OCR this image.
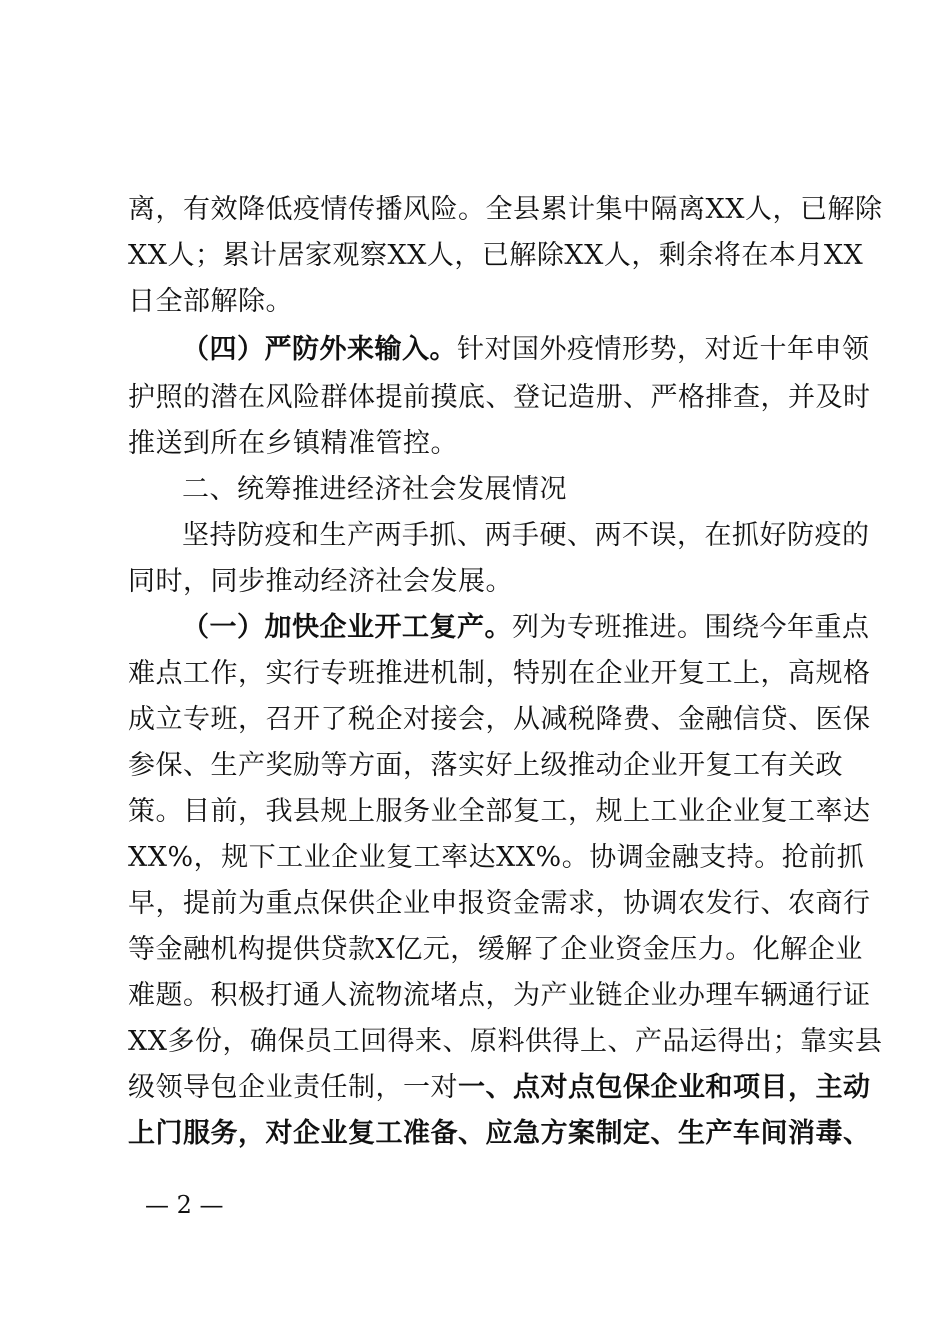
离，有效降低疫情传播风险。全县累计集中隔离XX人，已解除
XX人；累计居家观察XX人，已解除XX人，剩余将在本月XX
日全部解除。
（四）严防外来输入。针对国外疫情形势，对近十年申领
护照的潜在风险群体提前摸底、登记造册、严格排查，并及时
推送到所在乡镇精准管控。
二、统筹推进经济社会发展情况
坚持防疫和生产两手抓、两手硬、两不误，在抓好防疫的
同时，同步推动经济社会发展。
（一）加快企业开工复产。列为专班推进。围绕今年重点
难点工作，实行专班推进机制，特别在企业开复工上，高规格
成立专班，召开了税企对接会，从减税降费、金融信贷、医保
参保、生产奖励等方面，落实好上级推动企业开复工有关政
策。目前，我县规上服务业全部复工，规上工业企业复工率达
XX%，规下工业企业复工率达XX%。协调金融支持。抢前抓
早，提前为重点保供企业申报资金需求，协调农发行、农商行
等金融机构提供贷款X亿元，缓解了企业资金压力。化解企业
难题。积极打通人流物流堵点，为产业链企业办理车辆通行证
XX多份，确保员工回得来、原料供得上、产品运得出；靠实县
级领导包企业责任制，一对一、点对点包保企业和项目，主动
上门服务，对企业复工准备、应急方案制定、生产车间消毒、
— 2 —
